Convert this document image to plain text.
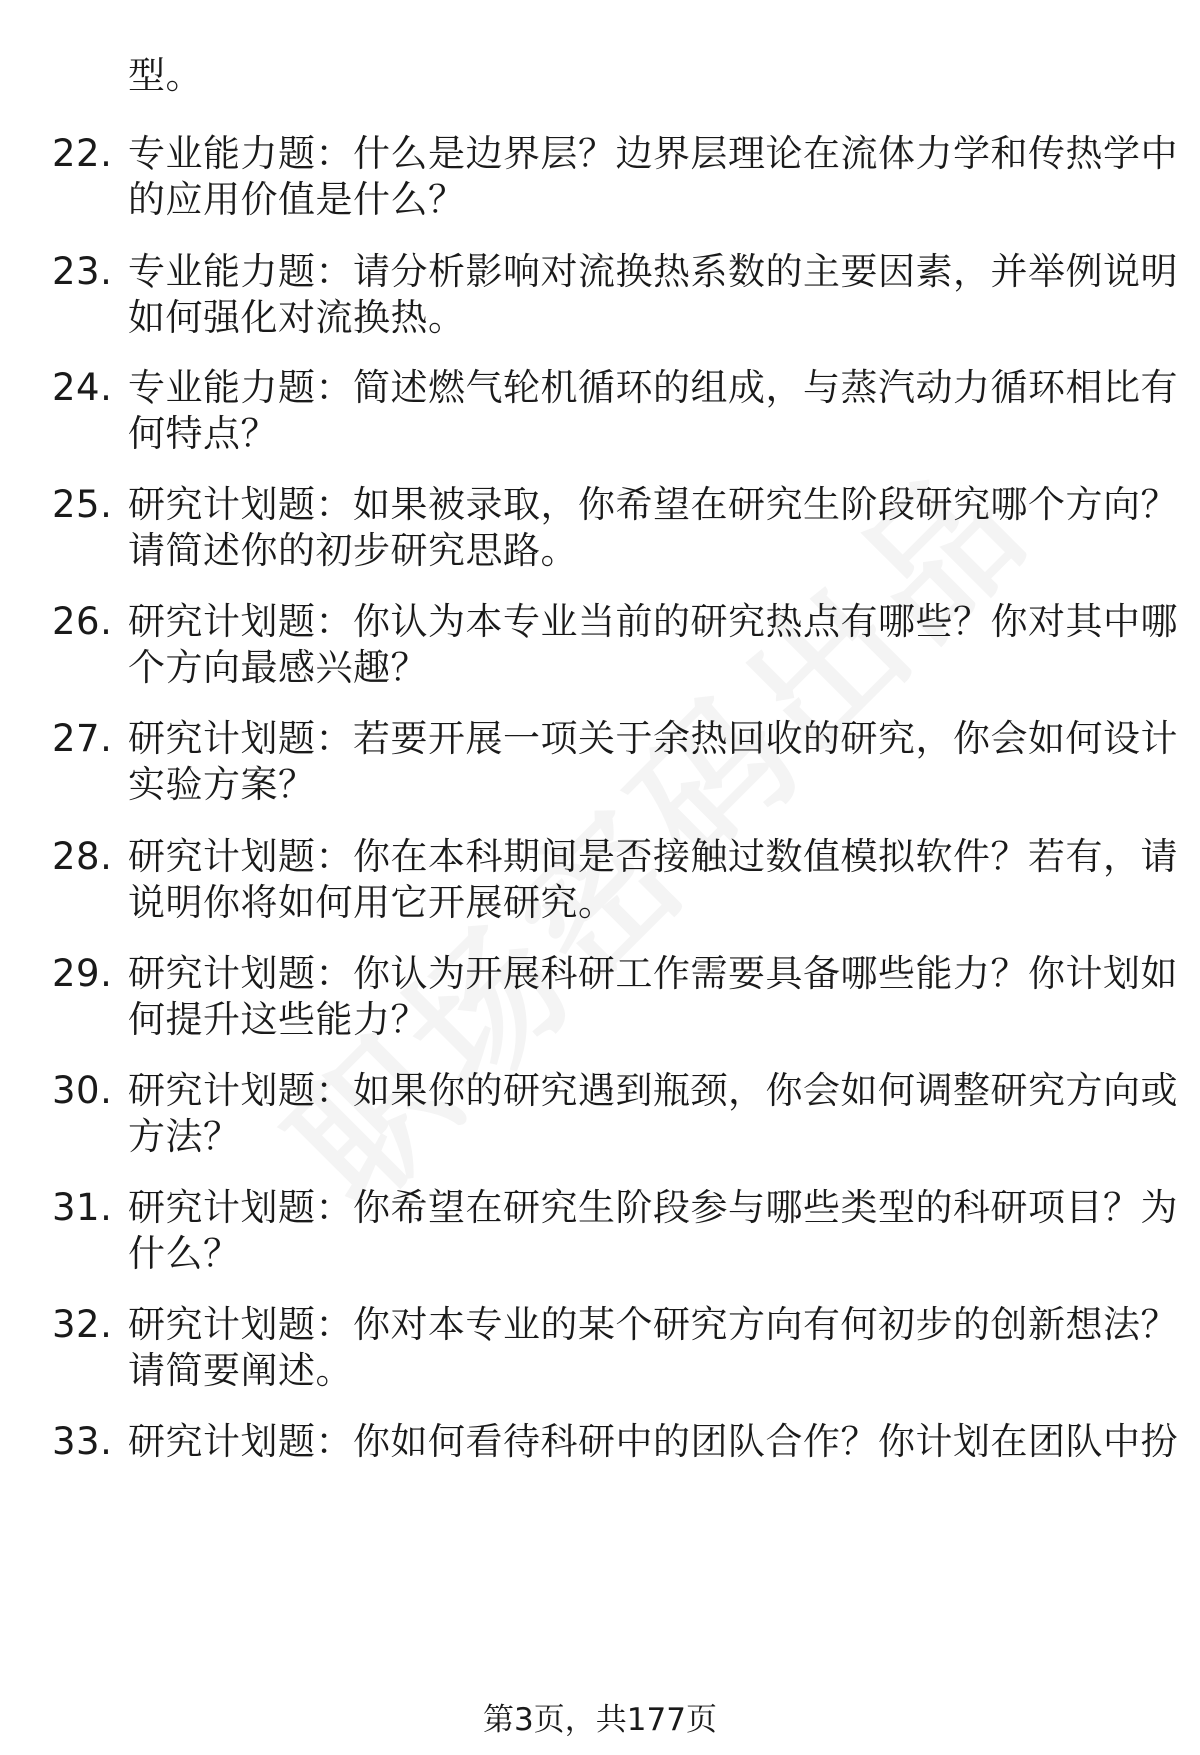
型。
22. 专业能力题：什么是边界层？边界层理论在流体力学和传热学中
的应用价值是什么？
23. 专业能力题：请分析影响对流换热系数的主要因素，并举例说明
如何强化对流换热。
24. 专业能力题：简述燃气轮机循环的组成，与蒸汽动力循环相比有
何特点？
25. 研究计划题：如果被录取，你希望在研究生阶段研究哪个方向？
请简述你的初步研究思路。
26. 研究计划题：你认为本专业当前的研究热点有哪些？你对其中哪
个方向最感兴趣？
27. 研究计划题：若要开展一项关于余热回收的研究，你会如何设计
实验方案？
28. 研究计划题：你在本科期间是否接触过数值模拟软件？若有，请
说明你将如何用它开展研究。
29. 研究计划题：你认为开展科研工作需要具备哪些能力？你计划如
何提升这些能力？
30. 研究计划题：如果你的研究遇到瓶颈，你会如何调整研究方向或
方法？
31. 研究计划题：你希望在研究生阶段参与哪些类型的科研项目？为
什么？
32. 研究计划题：你对本专业的某个研究方向有何初步的创新想法？
请简要阐述。
33. 研究计划题：你如何看待科研中的团队合作？你计划在团队中扮
第3页，共177页
